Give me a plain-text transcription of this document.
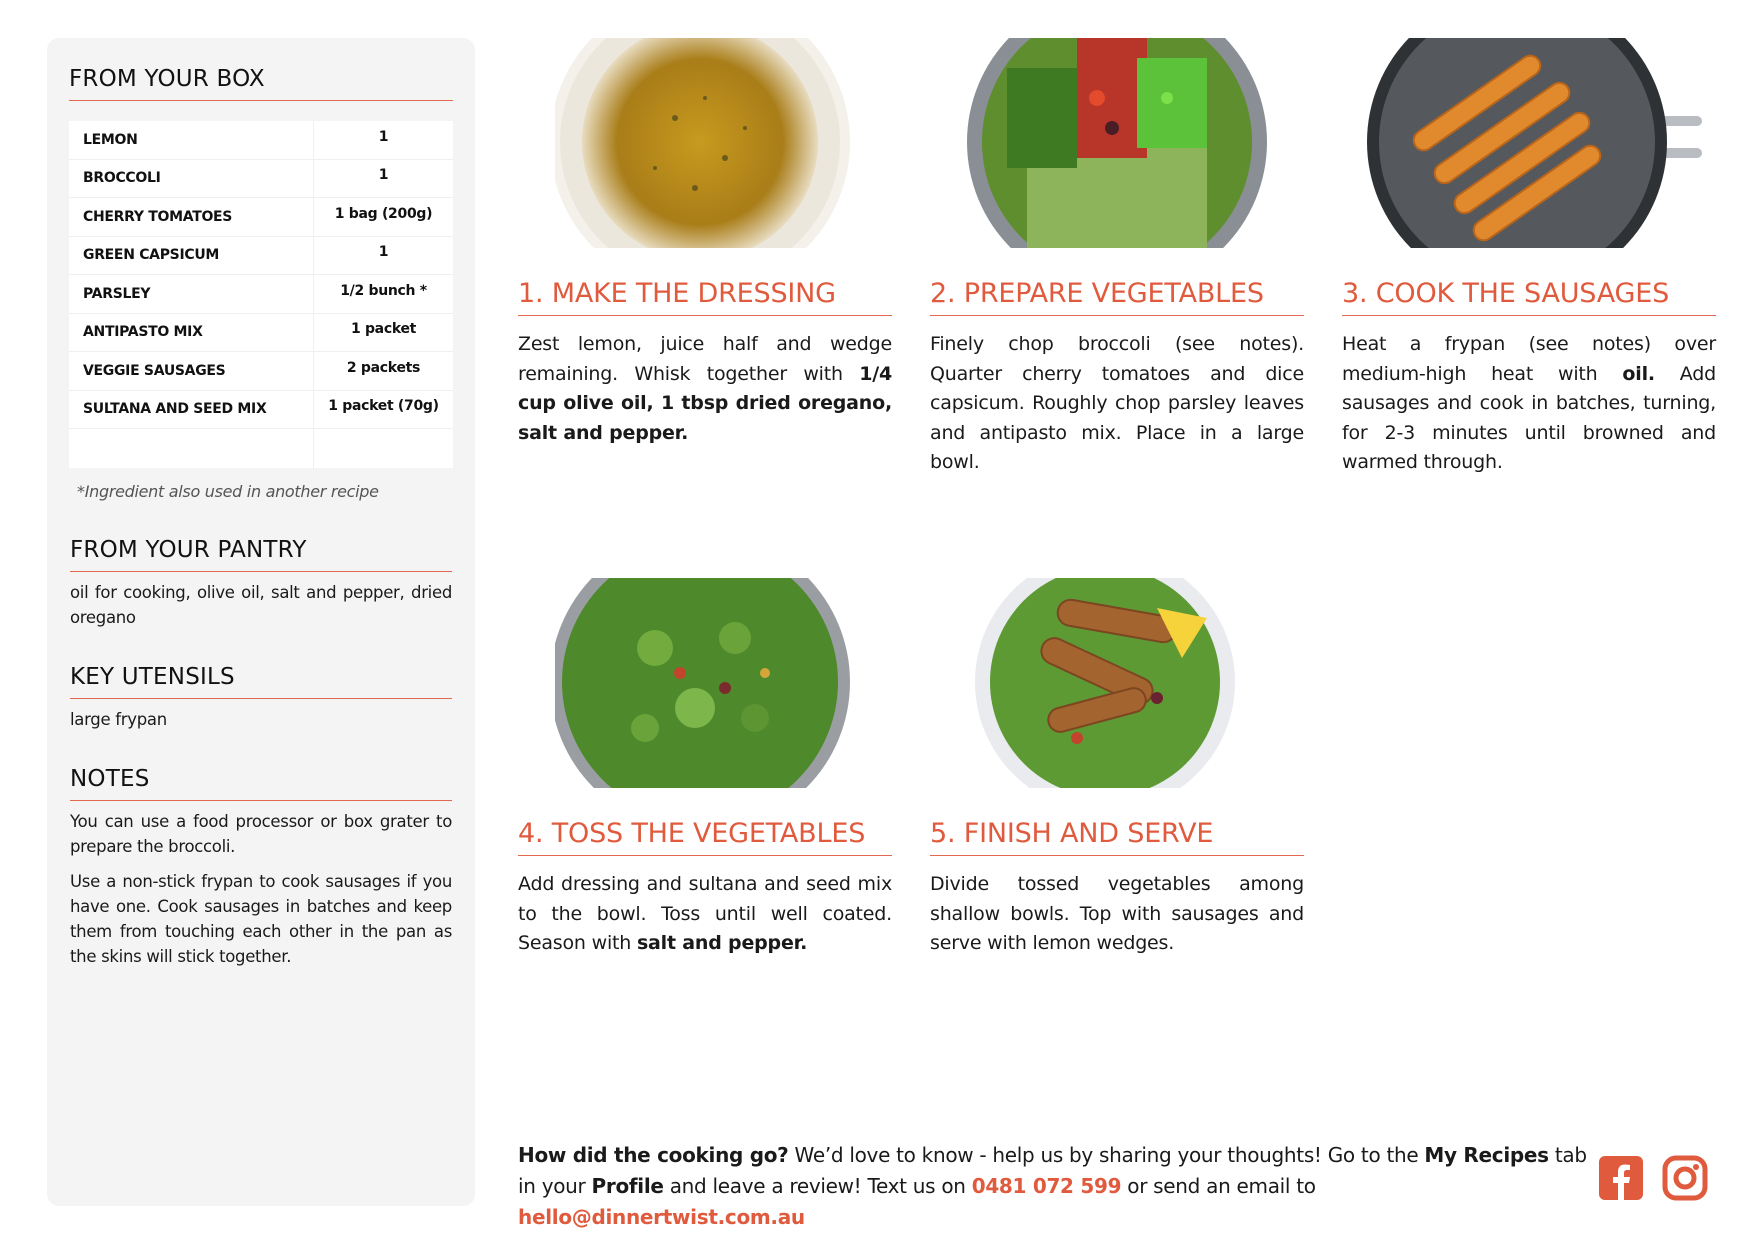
FROM YOUR BOX
LEMON	1
BROCCOLI	1
CHERRY TOMATOES	1 bag (200g)
GREEN CAPSICUM	1
PARSLEY	1/2 bunch *
ANTIPASTO MIX	1 packet
VEGGIE SAUSAGES	2 packets
SULTANA AND SEED MIX	1 packet (70g)
*Ingredient also used in another recipe
FROM YOUR PANTRY
oil for cooking, olive oil, salt and pepper, dried oregano
KEY UTENSILS
large frypan
NOTES
You can use a food processor or box grater to prepare the broccoli.
Use a non-stick frypan to cook sausages if you have one. Cook sausages in batches and keep them from touching each other in the pan as the skins will stick together.
1. MAKE THE DRESSING
Zest lemon, juice half and wedge remaining. Whisk together with 1/4 cup olive oil, 1 tbsp dried oregano, salt and pepper.
2. PREPARE VEGETABLES
Finely chop broccoli (see notes). Quarter cherry tomatoes and dice capsicum. Roughly chop parsley leaves and antipasto mix. Place in a large bowl.
3. COOK THE SAUSAGES
Heat a frypan (see notes) over medium-high heat with oil. Add sausages and cook in batches, turning, for 2-3 minutes until browned and warmed through.
4. TOSS THE VEGETABLES
Add dressing and sultana and seed mix to the bowl. Toss until well coated. Season with salt and pepper.
5. FINISH AND SERVE
Divide tossed vegetables among shallow bowls. Top with sausages and serve with lemon wedges.
How did the cooking go? We’d love to know - help us by sharing your thoughts! Go to the My Recipes tab in your Profile and leave a review! Text us on 0481 072 599 or send an email to hello@dinnertwist.com.au
